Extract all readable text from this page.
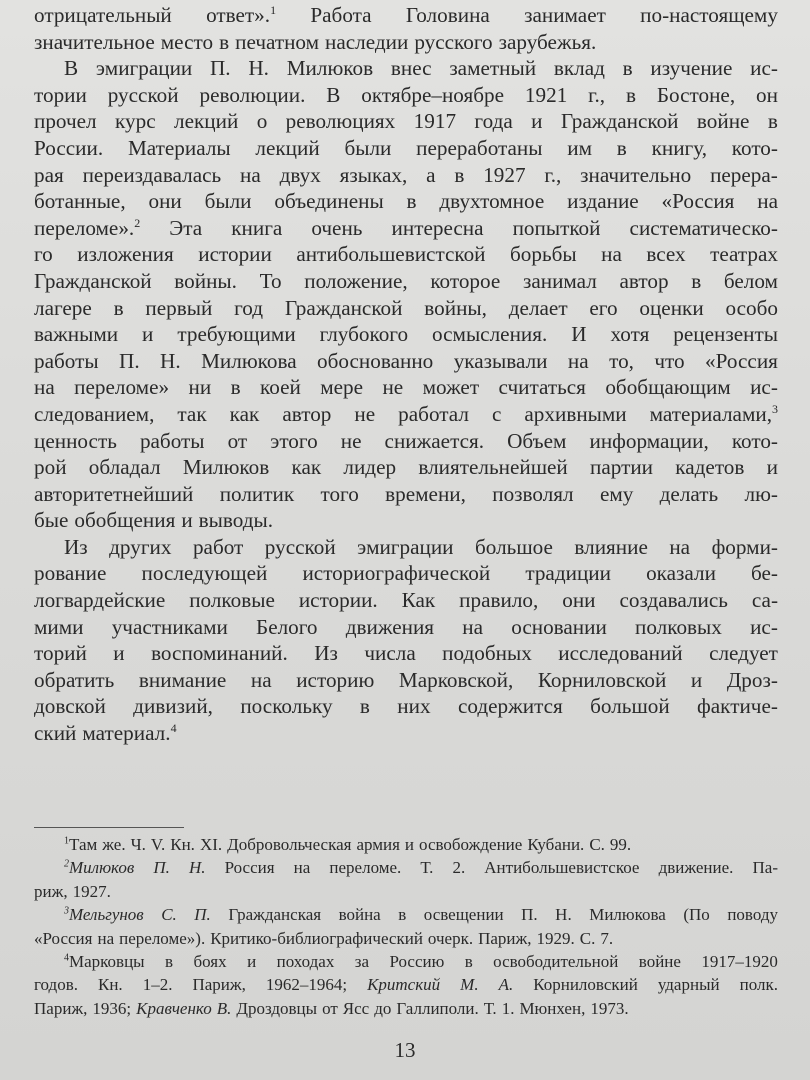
отрицательный ответ».$^1$ Работа Головина занимает по-настоящему
значительное место в печатном наследии русского зарубежья.
В эмиграции П. Н. Милюков внес заметный вклад в изучение ис-
тории русской революции. В октябре–ноябре 1921 г., в Бостоне, он
прочел курс лекций о революциях 1917 года и Гражданской войне в
России. Материалы лекций были переработаны им в книгу, кото-
рая переиздавалась на двух языках, а в 1927 г., значительно перера-
ботанные, они были объединены в двухтомное издание «Россия на
переломе».$^2$ Эта книга очень интересна попыткой систематическо-
го изложения истории антибольшевистской борьбы на всех театрах
Гражданской войны. То положение, которое занимал автор в белом
лагере в первый год Гражданской войны, делает его оценки особо
важными и требующими глубокого осмысления. И хотя рецензенты
работы П. Н. Милюкова обоснованно указывали на то, что «Россия
на переломе» ни в коей мере не может считаться обобщающим ис-
следованием, так как автор не работал с архивными материалами,$^3$
ценность работы от этого не снижается. Объем информации, кото-
рой обладал Милюков как лидер влиятельнейшей партии кадетов и
авторитетнейший политик того времени, позволял ему делать лю-
бые обобщения и выводы.
Из других работ русской эмиграции большое влияние на форми-
рование последующей историографической традиции оказали бе-
логвардейские полковые истории. Как правило, они создавались са-
мими участниками Белого движения на основании полковых ис-
торий и воспоминаний. Из числа подобных исследований следует
обратить внимание на историю Марковской, Корниловской и Дроз-
довской дивизий, поскольку в них содержится большой фактиче-
ский материал.$^4$
$^1$Там же. Ч. V. Кн. XI. Добровольческая армия и освобождение Кубани. С. 99.
$^2$Милюков П. Н. Россия на переломе. Т. 2. Антибольшевистское движение. Па-
риж, 1927.
$^3$Мельгунов С. П. Гражданская война в освещении П. Н. Милюкова (По поводу
«Россия на переломе»). Критико-библиографический очерк. Париж, 1929. С. 7.
$^4$Марковцы в боях и походах за Россию в освободительной войне 1917–1920
годов. Кн. 1–2. Париж, 1962–1964; Критский М. А. Корниловский ударный полк.
Париж, 1936; Кравченко В. Дроздовцы от Ясс до Галлиполи. Т. 1. Мюнхен, 1973.
13
